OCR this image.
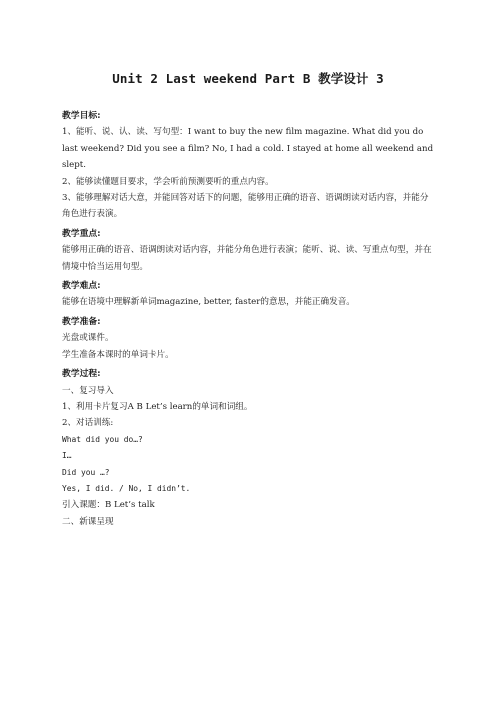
Unit 2 Last weekend Part B 教学设计 3

教学目标:

1、能听、说、认、读、写句型：I want to buy the new film magazine. What did you do last weekend? Did you see a film? No, I had a cold. I stayed at home all weekend and slept.

2、能够读懂题目要求，学会听前预测要听的重点内容。

3、能够理解对话大意，并能回答对话下的问题，能够用正确的语音、语调朗读对话内容，并能分角色进行表演。

教学重点:

能够用正确的语音、语调朗读对话内容，并能分角色进行表演；能听、说、读、写重点句型，并在情境中恰当运用句型。

教学难点:

能够在语境中理解新单词magazine, better, faster的意思，并能正确发音。

教学准备:

光盘或课件。

学生准备本课时的单词卡片。

教学过程:

一、复习导入

1、利用卡片复习A B Let’s learn的单词和词组。

2、对话训练:

What did you do…?

I…

Did you …?

Yes, I did. / No, I didn’t.

引入课题：B Let’s talk

二、新课呈现
